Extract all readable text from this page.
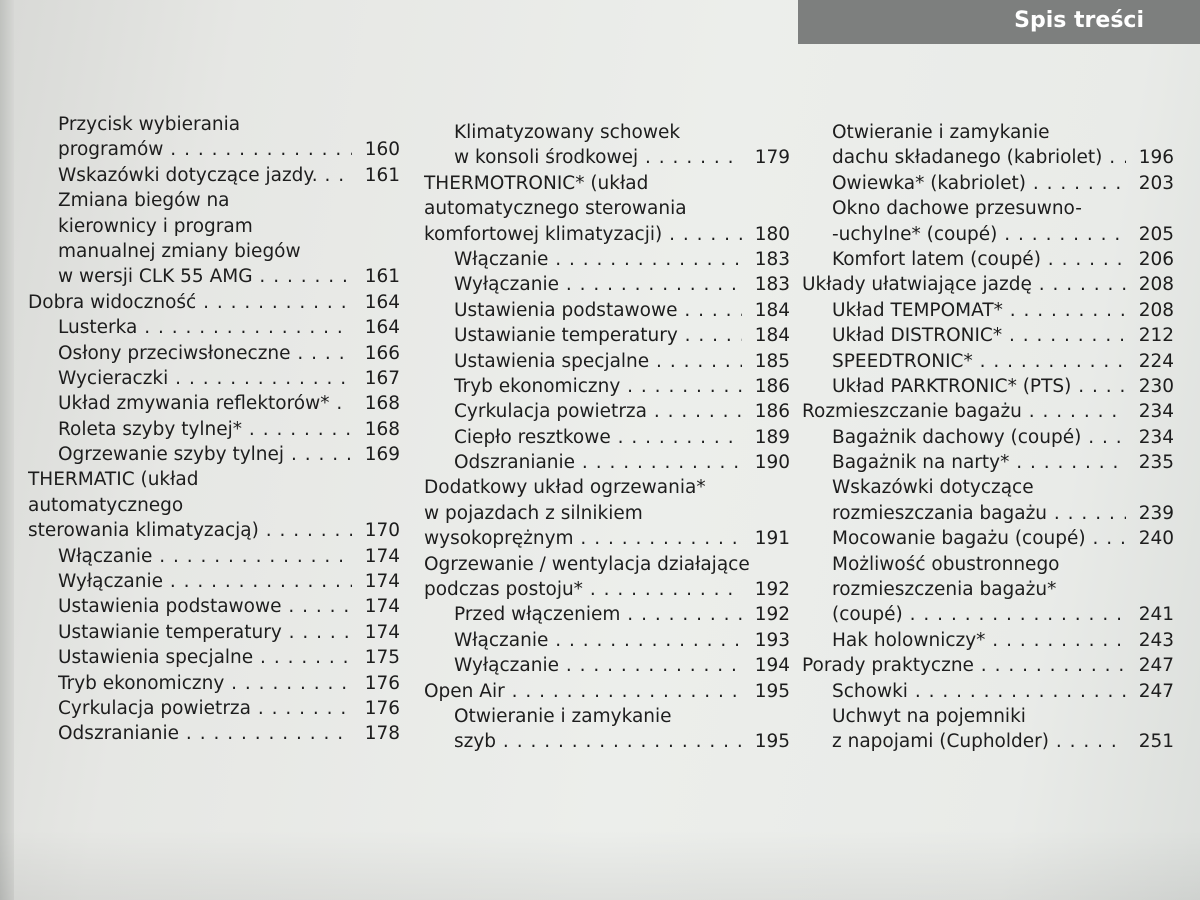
Spis treści
Przycisk wybierania
programów . . .	160
Wskazówki dotyczące jazdy. . . .	161
Zmiana biegów na
kierownicy i program
manualnej zmiany biegów
w wersji CLK 55 AMG . . .	161
Dobra widoczność . . .	164
Lusterka . . .	164
Osłony przeciwsłoneczne . . .	166
Wycieraczki . . .	167
Układ zmywania reflektorów* . . .	168
Roleta szyby tylnej* . . .	168
Ogrzewanie szyby tylnej . . .	169
THERMATIC (układ
automatycznego
sterowania klimatyzacją) . . .	170
Włączanie . . .	174
Wyłączanie . . .	174
Ustawienia podstawowe . . .	174
Ustawianie temperatury . . .	174
Ustawienia specjalne . . .	175
Tryb ekonomiczny . . .	176
Cyrkulacja powietrza . . .	176
Odszranianie . . .	178
Klimatyzowany schowek
w konsoli środkowej . . .	179
THERMOTRONIC* (układ
automatycznego sterowania
komfortowej klimatyzacji) . . .	180
Włączanie . . .	183
Wyłączanie . . .	183
Ustawienia podstawowe . . .	184
Ustawianie temperatury . . .	184
Ustawienia specjalne . . .	185
Tryb ekonomiczny . . .	186
Cyrkulacja powietrza . . .	186
Ciepło resztkowe . . .	189
Odszranianie . . .	190
Dodatkowy układ ogrzewania*
w pojazdach z silnikiem
wysokoprężnym . . .	191
Ogrzewanie / wentylacja działające
podczas postoju* . . .	192
Przed włączeniem . . .	192
Włączanie . . .	193
Wyłączanie . . .	194
Open Air . . .	195
Otwieranie i zamykanie
szyb . . .	195
Otwieranie i zamykanie
dachu składanego (kabriolet) . . .	196
Owiewka* (kabriolet) . . .	203
Okno dachowe przesuwno-
-uchylne* (coupé) . . .	205
Komfort latem (coupé) . . .	206
Układy ułatwiające jazdę . . .	208
Układ TEMPOMAT* . . .	208
Układ DISTRONIC* . . .	212
SPEEDTRONIC* . . .	224
Układ PARKTRONIC* (PTS) . . .	230
Rozmieszczanie bagażu . . .	234
Bagażnik dachowy (coupé) . . .	234
Bagażnik na narty* . . .	235
Wskazówki dotyczące
rozmieszczania bagażu . . .	239
Mocowanie bagażu (coupé) . . .	240
Możliwość obustronnego
rozmieszczenia bagażu*
(coupé) . . .	241
Hak holowniczy* . . .	243
Porady praktyczne . . .	247
Schowki . . .	247
Uchwyt na pojemniki
z napojami (Cupholder) . . .	251
